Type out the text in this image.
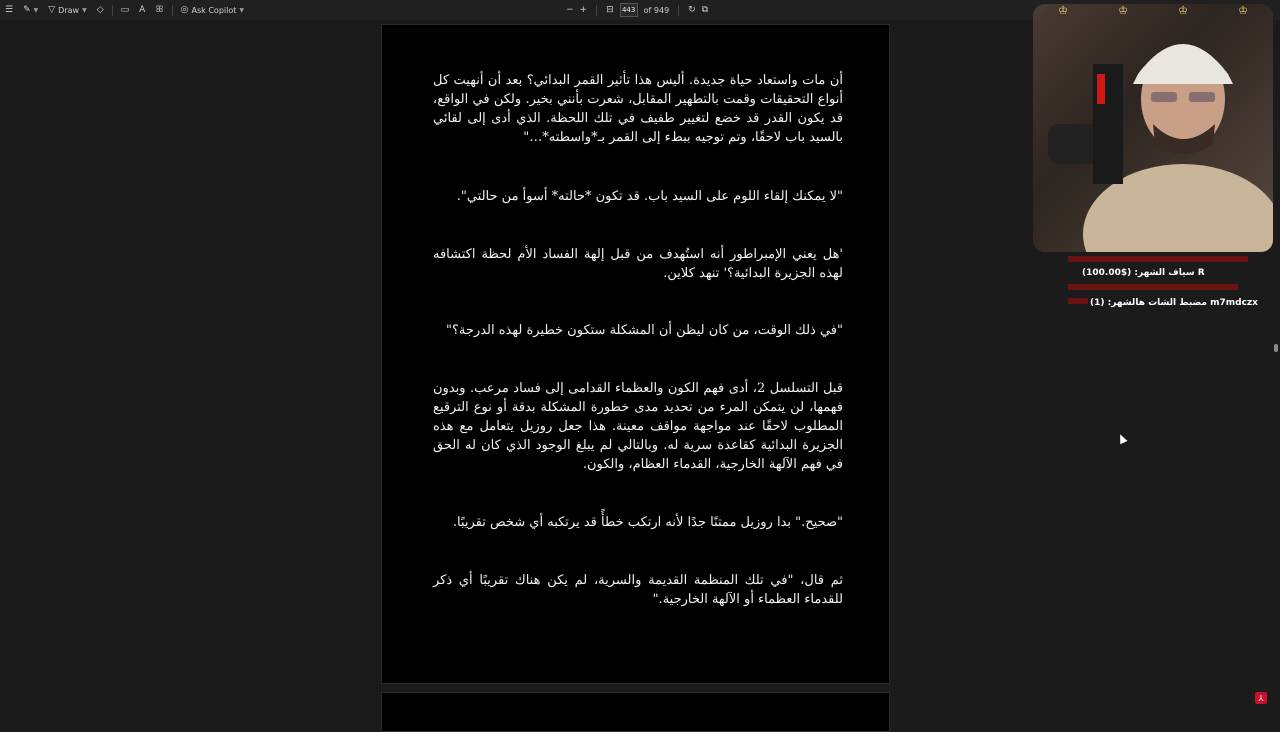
☰ ✎ ▼ ▽ Draw ▼ ◇ ▭ A ꕥ ◎ Ask Copilot ▼	− + ⊟	443 of 949 ↻ ⧉

أن مات واستعاد حياة جديدة. أليس هذا تأثير القمر البدائي؟ بعد أن أنهيت كل أنواع التحقيقات وقمت بالتطهير المقابل، شعرت بأنني بخير. ولكن في الواقع، قد يكون القدر قد خضع لتغيير طفيف في تلك اللحظة. الذي أدى إلى لقائي بالسيد باب لاحقًا، وتم توجيه ببطء إلى القمر بـ*واسطته*…"

"لا يمكنك إلقاء اللوم على السيد باب. قد تكون *حالته* أسوأ من حالتي".

'هل يعني الإمبراطور أنه استُهدف من قبل إلهة الفساد الأم لحظة اكتشافه لهذه الجزيرة البدائية؟' تنهد كلاين.

"في ذلك الوقت، من كان ليظن أن المشكلة ستكون خطيرة لهذه الدرجة؟"

قبل التسلسل 2، أدى فهم الكون والعظماء القدامى إلى فساد مرعب. وبدون فهمها، لن يتمكن المرء من تحديد مدى خطورة المشكلة بدقة أو نوع الترقيع المطلوب لاحقًا عند مواجهة مواقف معينة. هذا جعل روزيل يتعامل مع هذه الجزيرة البدائية كقاعدة سرية له. وبالتالي لم يبلغ الوجود الذي كان له الحق في فهم الآلهة الخارجية، القدماء العظام، والكون.

"صحيح." بدا روزيل ممتنًا جدًا لأنه ارتكب خطأً قد يرتكبه أي شخص تقريبًا.

ثم قال، "في تلك المنظمة القديمة والسرية، لم يكن هناك تقريبًا أي ذكر للقدماء العظماء أو الآلهة الخارجية."

♔	♔	♔	♔
سياف الشهر: ($100.00) R
مضبط الشات هالشهر: (1) m7mdczx
⅄
